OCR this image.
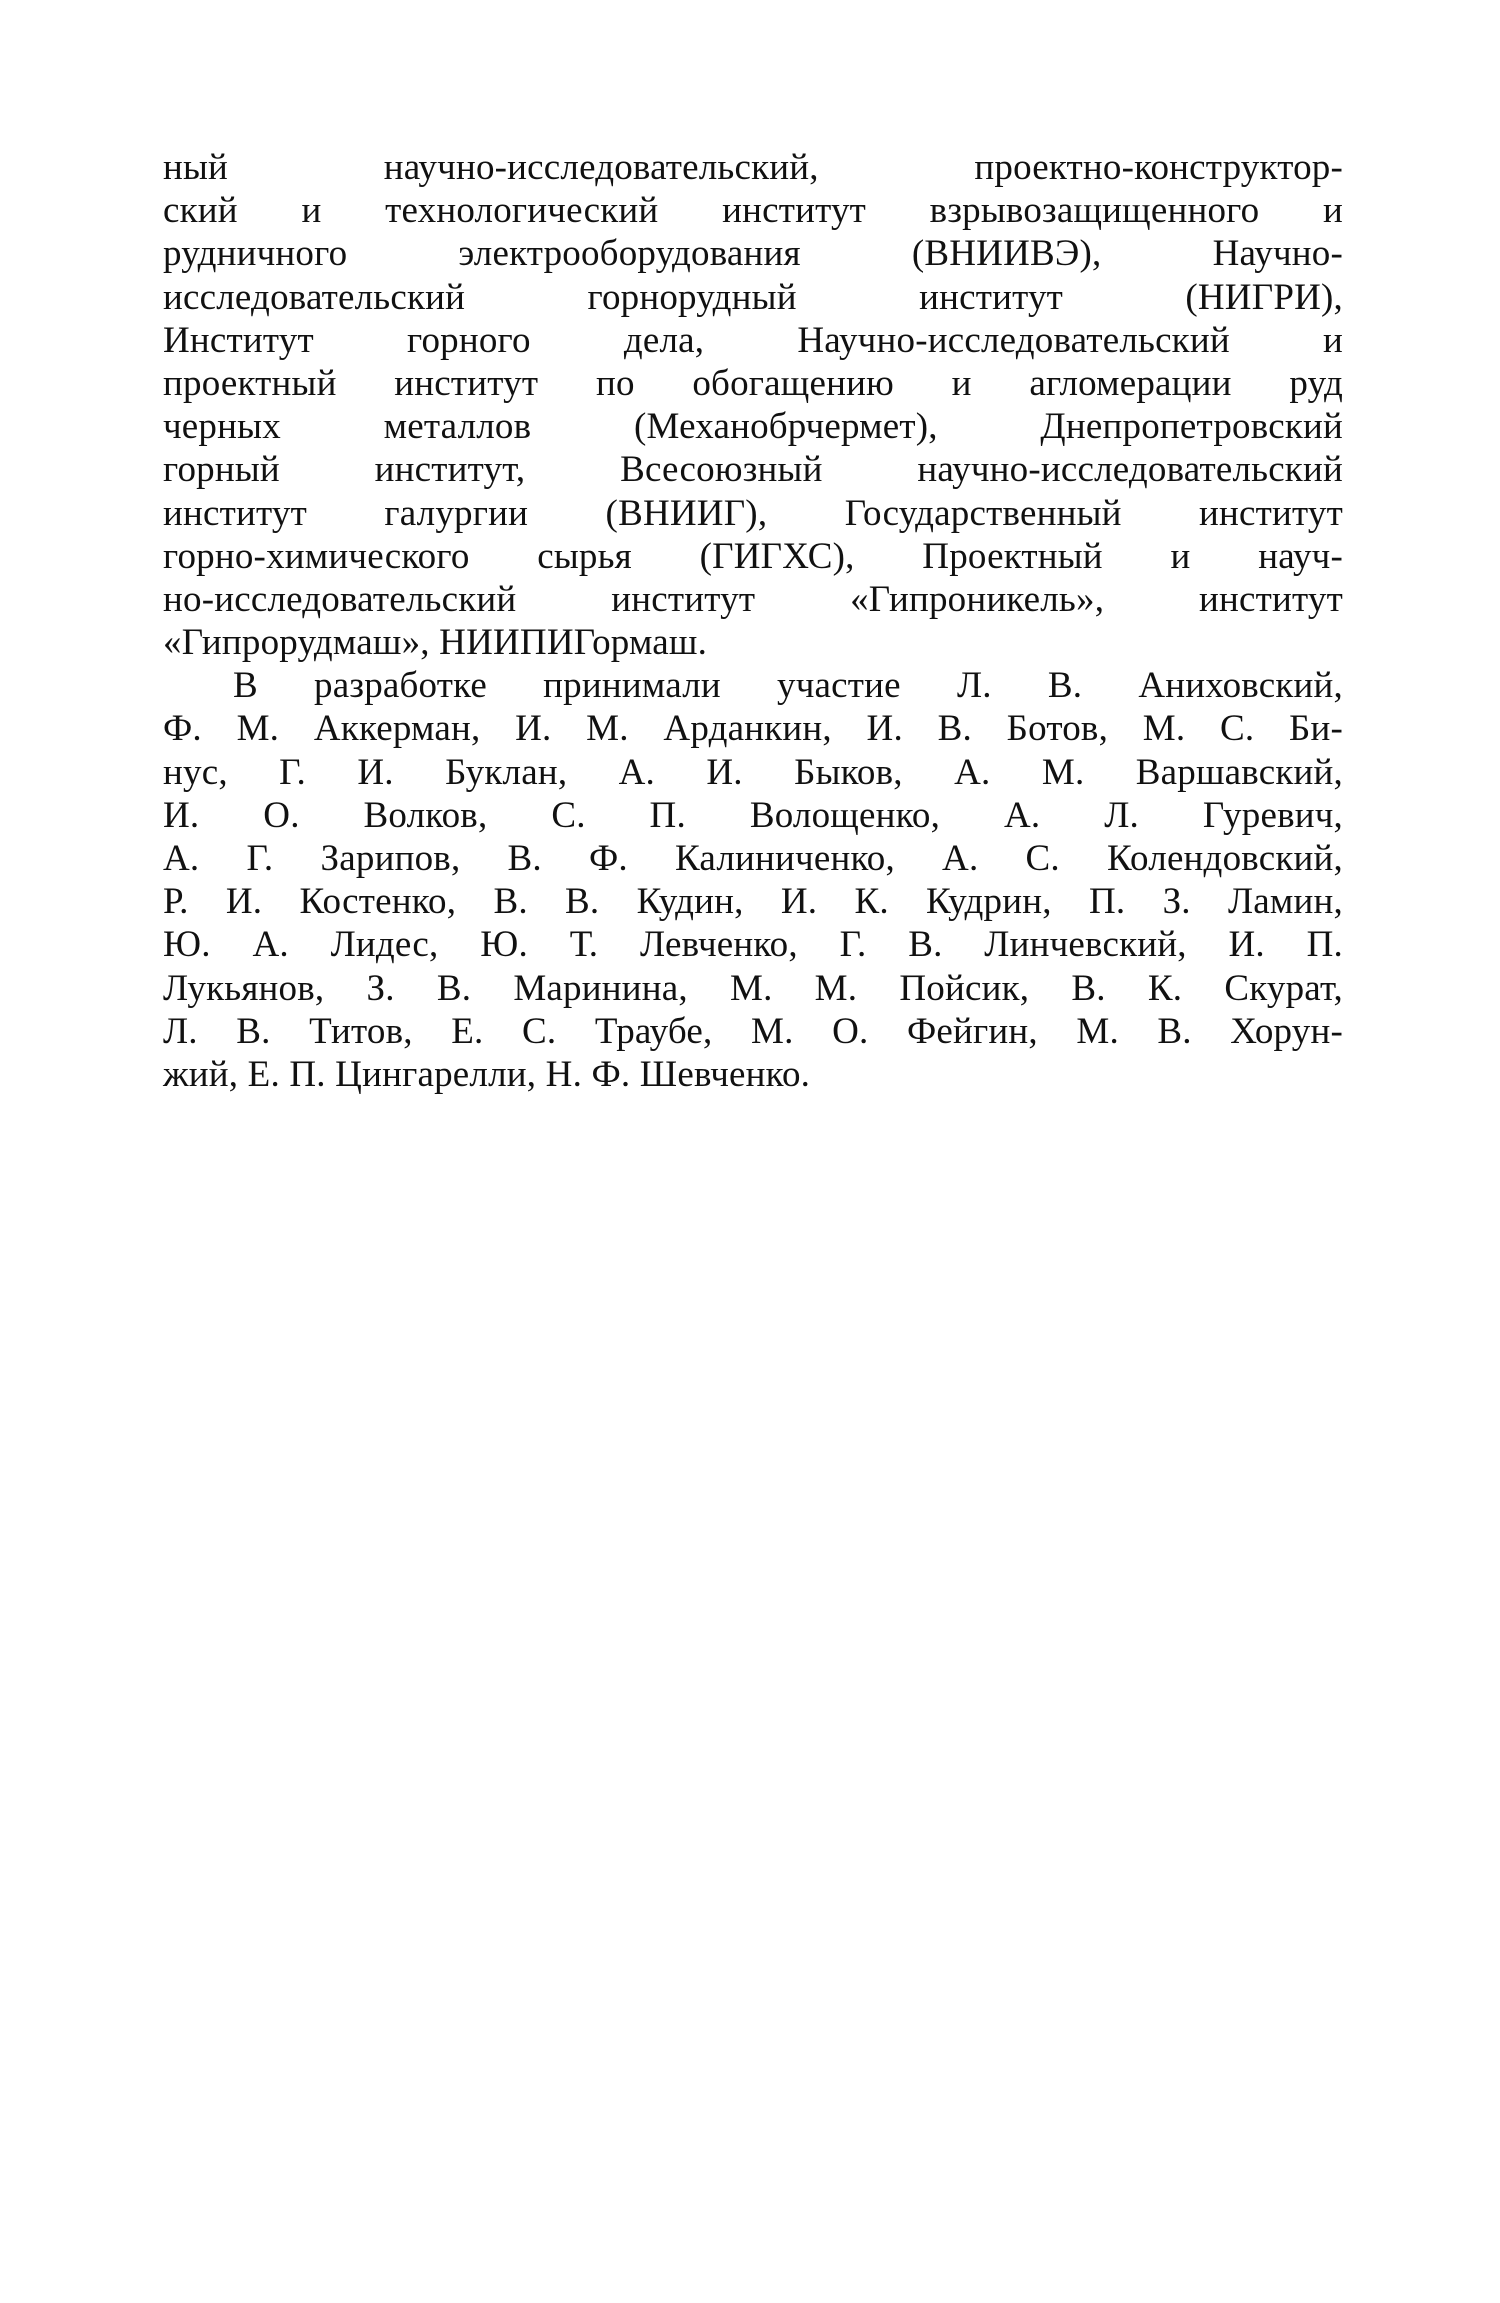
ный научно-исследовательский, проектно-конструктор-
ский и технологический институт взрывозащищенного и
рудничного электрооборудования (ВНИИВЭ), Научно-
исследовательский горнорудный институт (НИГРИ),
Институт горного дела, Научно-исследовательский и
проектный институт по обогащению и агломерации руд
черных металлов (Механобрчермет), Днепропетровский
горный институт, Всесоюзный научно-исследовательский
институт галургии (ВНИИГ), Государственный институт
горно-химического сырья (ГИГХС), Проектный и науч-
но-исследовательский институт «Гипроникель», институт
«Гипрорудмаш», НИИПИГормаш.
В разработке принимали участие Л. В. Аниховский,
Ф. М. Аккерман, И. М. Арданкин, И. В. Ботов, М. С. Би-
нус, Г. И. Буклан, А. И. Быков, А. М. Варшавский,
И. О. Волков, С. П. Волощенко, А. Л. Гуревич,
А. Г. Зарипов, В. Ф. Калиниченко, А. С. Колендовский,
Р. И. Костенко, В. В. Кудин, И. К. Кудрин, П. З. Ламин,
Ю. А. Лидес, Ю. Т. Левченко, Г. В. Линчевский, И. П.
Лукьянов, З. В. Маринина, М. М. Пойсик, В. К. Скурат,
Л. В. Титов, Е. С. Траубе, М. О. Фейгин, М. В. Хорун-
жий, Е. П. Цингарелли, Н. Ф. Шевченко.
